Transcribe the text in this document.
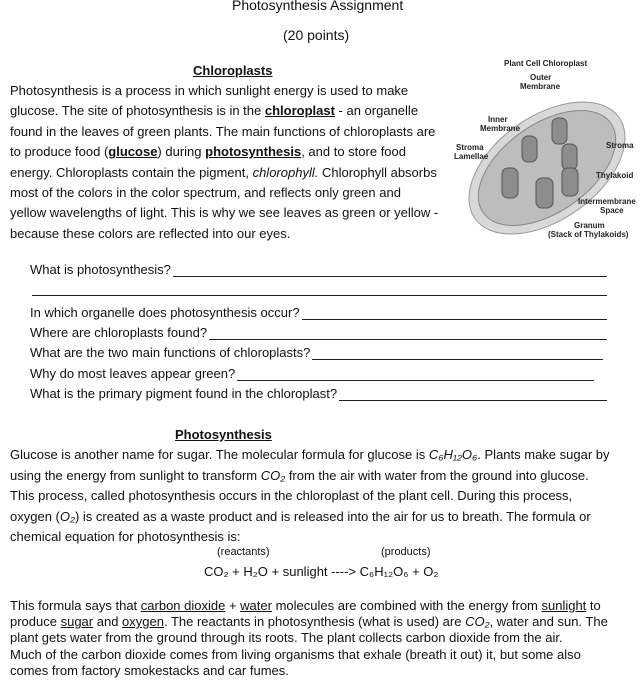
Photosynthesis Assignment
(20 points)
Chloroplasts
Photosynthesis is a process in which sunlight energy is used to make
glucose. The site of photosynthesis is in the chloroplast - an organelle
found in the leaves of green plants. The main functions of chloroplasts are
to produce food (glucose) during photosynthesis, and to store food
energy. Chloroplasts contain the pigment, chlorophyll. Chlorophyll absorbs
most of the colors in the color spectrum, and reflects only green and
yellow wavelengths of light. This is why we see leaves as green or yellow -
because these colors are reflected into our eyes.
Plant Cell Chloroplast
Outer
Membrane
Inner
Membrane
Stroma
Lamellae
Stroma
Thylakoid
Intermembrane
Space
Granum
(Stack of Thylakoids)
What is photosynthesis?
In which organelle does photosynthesis occur?
Where are chloroplasts found?
What are the two main functions of chloroplasts?
Why do most leaves appear green?
What is the primary pigment found in the chloroplast?
Photosynthesis
Glucose is another name for sugar. The molecular formula for glucose is C₆H₁₂O₆. Plants make sugar by
using the energy from sunlight to transform CO₂ from the air with water from the ground into glucose.
This process, called photosynthesis occurs in the chloroplast of the plant cell. During this process,
oxygen (O₂) is created as a waste product and is released into the air for us to breath. The formula or
chemical equation for photosynthesis is:
(reactants)	(products)
CO₂ + H₂O + sunlight ----> C₆H₁₂O₆ + O₂
This formula says that carbon dioxide + water molecules are combined with the energy from sunlight to
produce sugar and oxygen. The reactants in photosynthesis (what is used) are CO₂, water and sun. The
plant gets water from the ground through its roots. The plant collects carbon dioxide from the air.
Much of the carbon dioxide comes from living organisms that exhale (breath it out) it, but some also
comes from factory smokestacks and car fumes.
